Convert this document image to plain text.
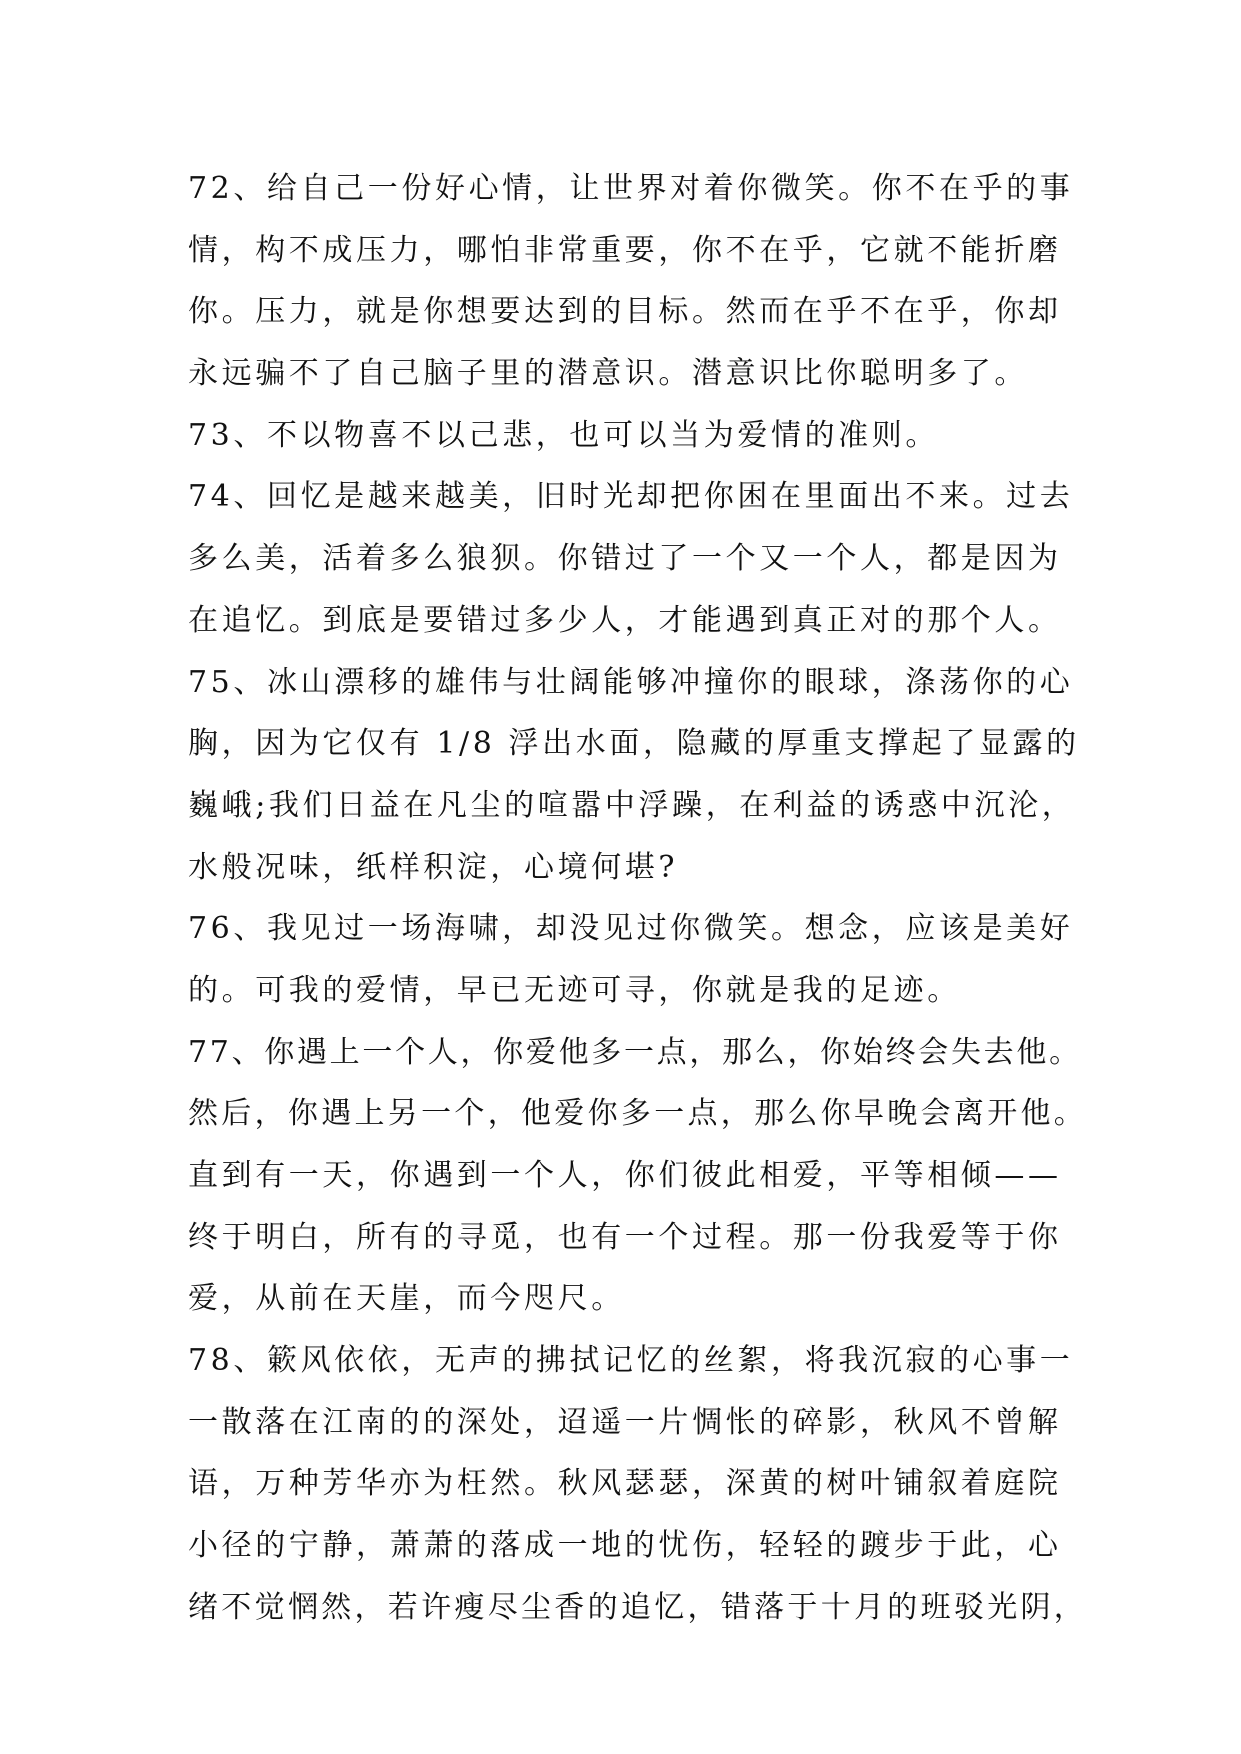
72、给自己一份好心情，让世界对着你微笑。你不在乎的事
情，构不成压力，哪怕非常重要，你不在乎，它就不能折磨
你。压力，就是你想要达到的目标。然而在乎不在乎，你却
永远骗不了自己脑子里的潜意识。潜意识比你聪明多了。
73、不以物喜不以己悲，也可以当为爱情的准则。
74、回忆是越来越美，旧时光却把你困在里面出不来。过去
多么美，活着多么狼狈。你错过了一个又一个人，都是因为
在追忆。到底是要错过多少人，才能遇到真正对的那个人。
75、冰山漂移的雄伟与壮阔能够冲撞你的眼球，涤荡你的心
胸，因为它仅有 1/8 浮出水面，隐藏的厚重支撑起了显露的
巍峨;我们日益在凡尘的喧嚣中浮躁，在利益的诱惑中沉沦，
水般况味，纸样积淀，心境何堪?
76、我见过一场海啸，却没见过你微笑。想念，应该是美好
的。可我的爱情，早已无迹可寻，你就是我的足迹。
77、你遇上一个人，你爱他多一点，那么，你始终会失去他。
然后，你遇上另一个，他爱你多一点，那么你早晚会离开他。
直到有一天，你遇到一个人，你们彼此相爱，平等相倾——
终于明白，所有的寻觅，也有一个过程。那一份我爱等于你
爱，从前在天崖，而今咫尺。
78、簌风依依，无声的拂拭记忆的丝絮，将我沉寂的心事一
一散落在江南的的深处，迢遥一片惆怅的碎影，秋风不曾解
语，万种芳华亦为枉然。秋风瑟瑟，深黄的树叶铺叙着庭院
小径的宁静，萧萧的落成一地的忧伤，轻轻的踱步于此，心
绪不觉惘然，若许瘦尽尘香的追忆，错落于十月的班驳光阴，
